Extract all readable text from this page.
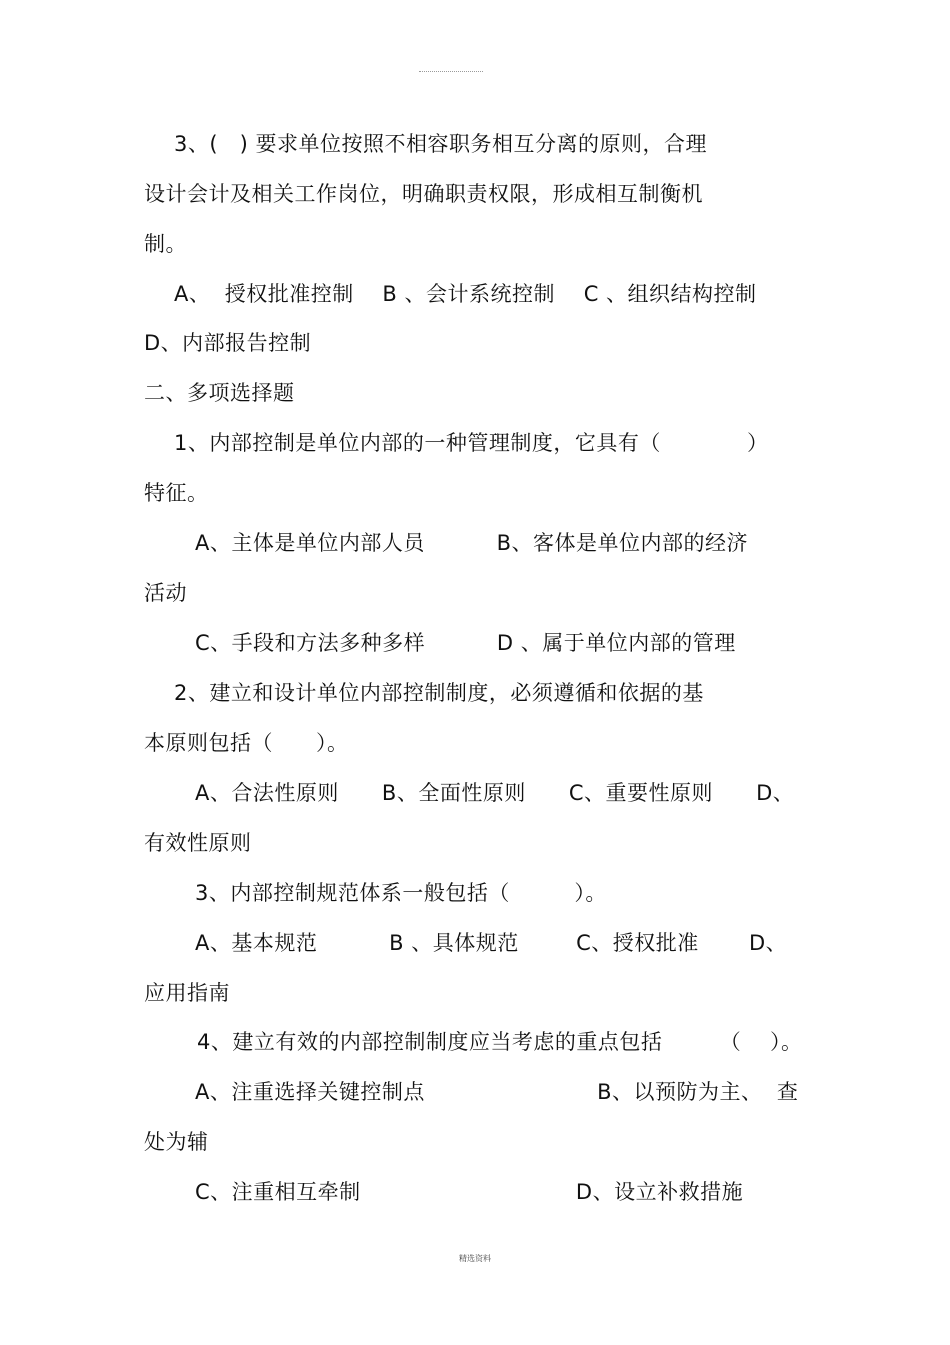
3、(   ) 要求单位按照不相容职务相互分离的原则，合理
设计会计及相关工作岗位，明确职责权限，形成相互制衡机
制。
A、  授权批准控制    B 、会计系统控制    C 、组织结构控制
D、内部报告控制
二、多项选择题
1、内部控制是单位内部的一种管理制度，它具有（            ）
特征。
A、主体是单位内部人员          B、客体是单位内部的经济
活动
C、手段和方法多种多样          D 、属于单位内部的管理
2、建立和设计单位内部控制制度，必须遵循和依据的基
本原则包括（      ）。
A、合法性原则      B、全面性原则      C、重要性原则      D、
有效性原则
3、内部控制规范体系一般包括（         ）。
A、基本规范          B 、具体规范        C、授权批准       D、
应用指南
4、建立有效的内部控制制度应当考虑的重点包括        （    ）。
A、注重选择关键控制点                        B、以预防为主、  查
处为辅
C、注重相互牵制                              D、设立补救措施
精选资料
